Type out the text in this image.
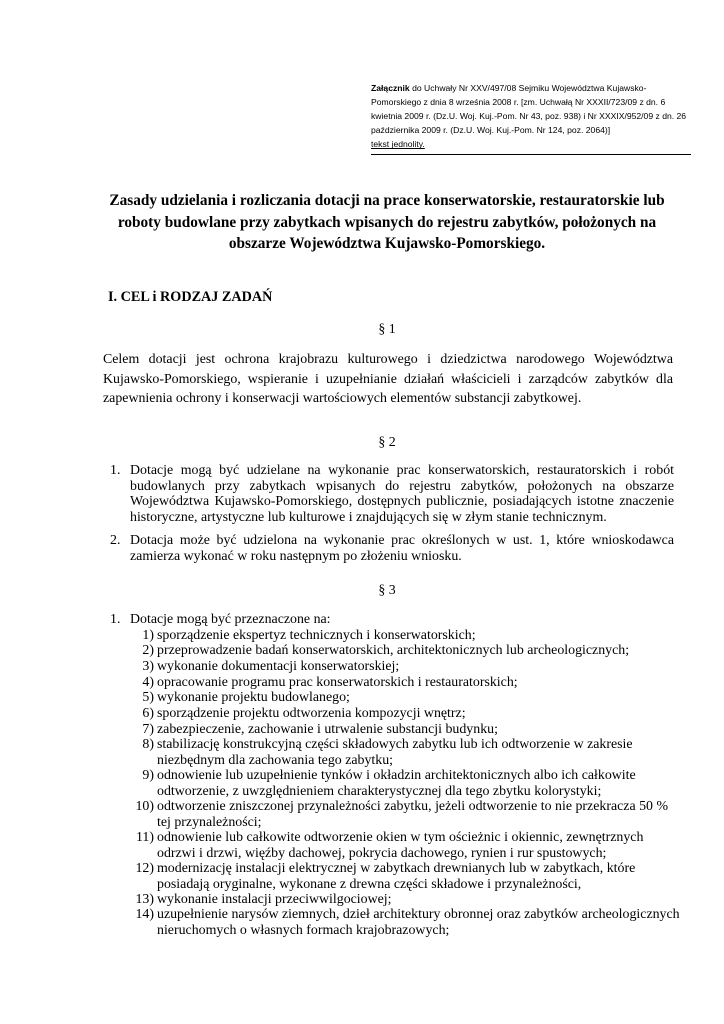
Załącznik do Uchwały Nr XXV/497/08 Sejmiku Województwa Kujawsko-Pomorskiego z dnia 8 września 2008 r. [zm. Uchwałą Nr XXXII/723/09 z dn. 6 kwietnia 2009 r. (Dz.U. Woj. Kuj.-Pom. Nr 43, poz. 938) i Nr XXXIX/952/09 z dn. 26 października 2009 r. (Dz.U. Woj. Kuj.-Pom. Nr 124, poz. 2064)]
tekst jednolity.
Zasady udzielania i rozliczania dotacji na prace konserwatorskie, restauratorskie lub roboty budowlane przy zabytkach wpisanych do rejestru zabytków, położonych na obszarze Województwa Kujawsko-Pomorskiego.
I. CEL i RODZAJ ZADAŃ
§ 1
Celem dotacji jest ochrona krajobrazu kulturowego i dziedzictwa narodowego Województwa Kujawsko-Pomorskiego, wspieranie i uzupełnianie działań właścicieli i zarządców zabytków dla zapewnienia ochrony i konserwacji wartościowych elementów substancji zabytkowej.
§ 2
1. Dotacje mogą być udzielane na wykonanie prac konserwatorskich, restauratorskich i robót budowlanych przy zabytkach wpisanych do rejestru zabytków, położonych na obszarze Województwa Kujawsko-Pomorskiego, dostępnych publicznie, posiadających istotne znaczenie historyczne, artystyczne lub kulturowe i znajdujących się w złym stanie technicznym.
2. Dotacja może być udzielona na wykonanie prac określonych w ust. 1, które wnioskodawca zamierza wykonać w roku następnym po złożeniu wniosku.
§ 3
1. Dotacje mogą być przeznaczone na:
1) sporządzenie ekspertyz technicznych i konserwatorskich;
2) przeprowadzenie badań konserwatorskich, architektonicznych lub archeologicznych;
3) wykonanie dokumentacji konserwatorskiej;
4) opracowanie programu prac konserwatorskich i restauratorskich;
5) wykonanie projektu budowlanego;
6) sporządzenie projektu odtworzenia kompozycji wnętrz;
7) zabezpieczenie, zachowanie i utrwalenie substancji budynku;
8) stabilizację konstrukcyjną części składowych zabytku lub ich odtworzenie w zakresie niezbędnym dla zachowania tego zabytku;
9) odnowienie lub uzupełnienie tynków i okładzin architektonicznych albo ich całkowite odtworzenie, z uwzględnieniem charakterystycznej dla tego zbytku kolorystyki;
10) odtworzenie zniszczonej przynależności zabytku, jeżeli odtworzenie to nie przekracza 50 % tej przynależności;
11) odnowienie lub całkowite odtworzenie okien w tym ościeżnic i okiennic, zewnętrznych odrzwi i drzwi, więźby dachowej, pokrycia dachowego, rynien i rur spustowych;
12) modernizację instalacji elektrycznej w zabytkach drewnianych lub w zabytkach, które posiadają oryginalne, wykonane z drewna części składowe i przynależności,
13) wykonanie instalacji przeciwwilgociowej;
14) uzupełnienie narysów ziemnych, dzieł architektury obronnej oraz zabytków archeologicznych nieruchomych o własnych formach krajobrazowych;
